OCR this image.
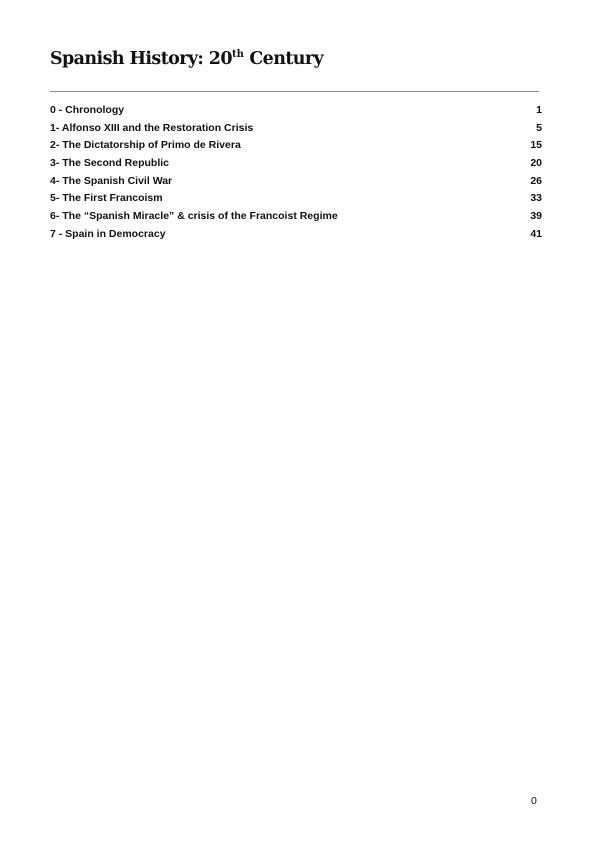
Spanish History: 20th Century
0 - Chronology	1
1- Alfonso XIII and the Restoration Crisis	5
2- The Dictatorship of Primo de Rivera	15
3- The Second Republic	20
4- The Spanish Civil War	26
5- The First Francoism	33
6- The “Spanish Miracle” & crisis of the Francoist Regime	39
7 - Spain in Democracy	41
0
